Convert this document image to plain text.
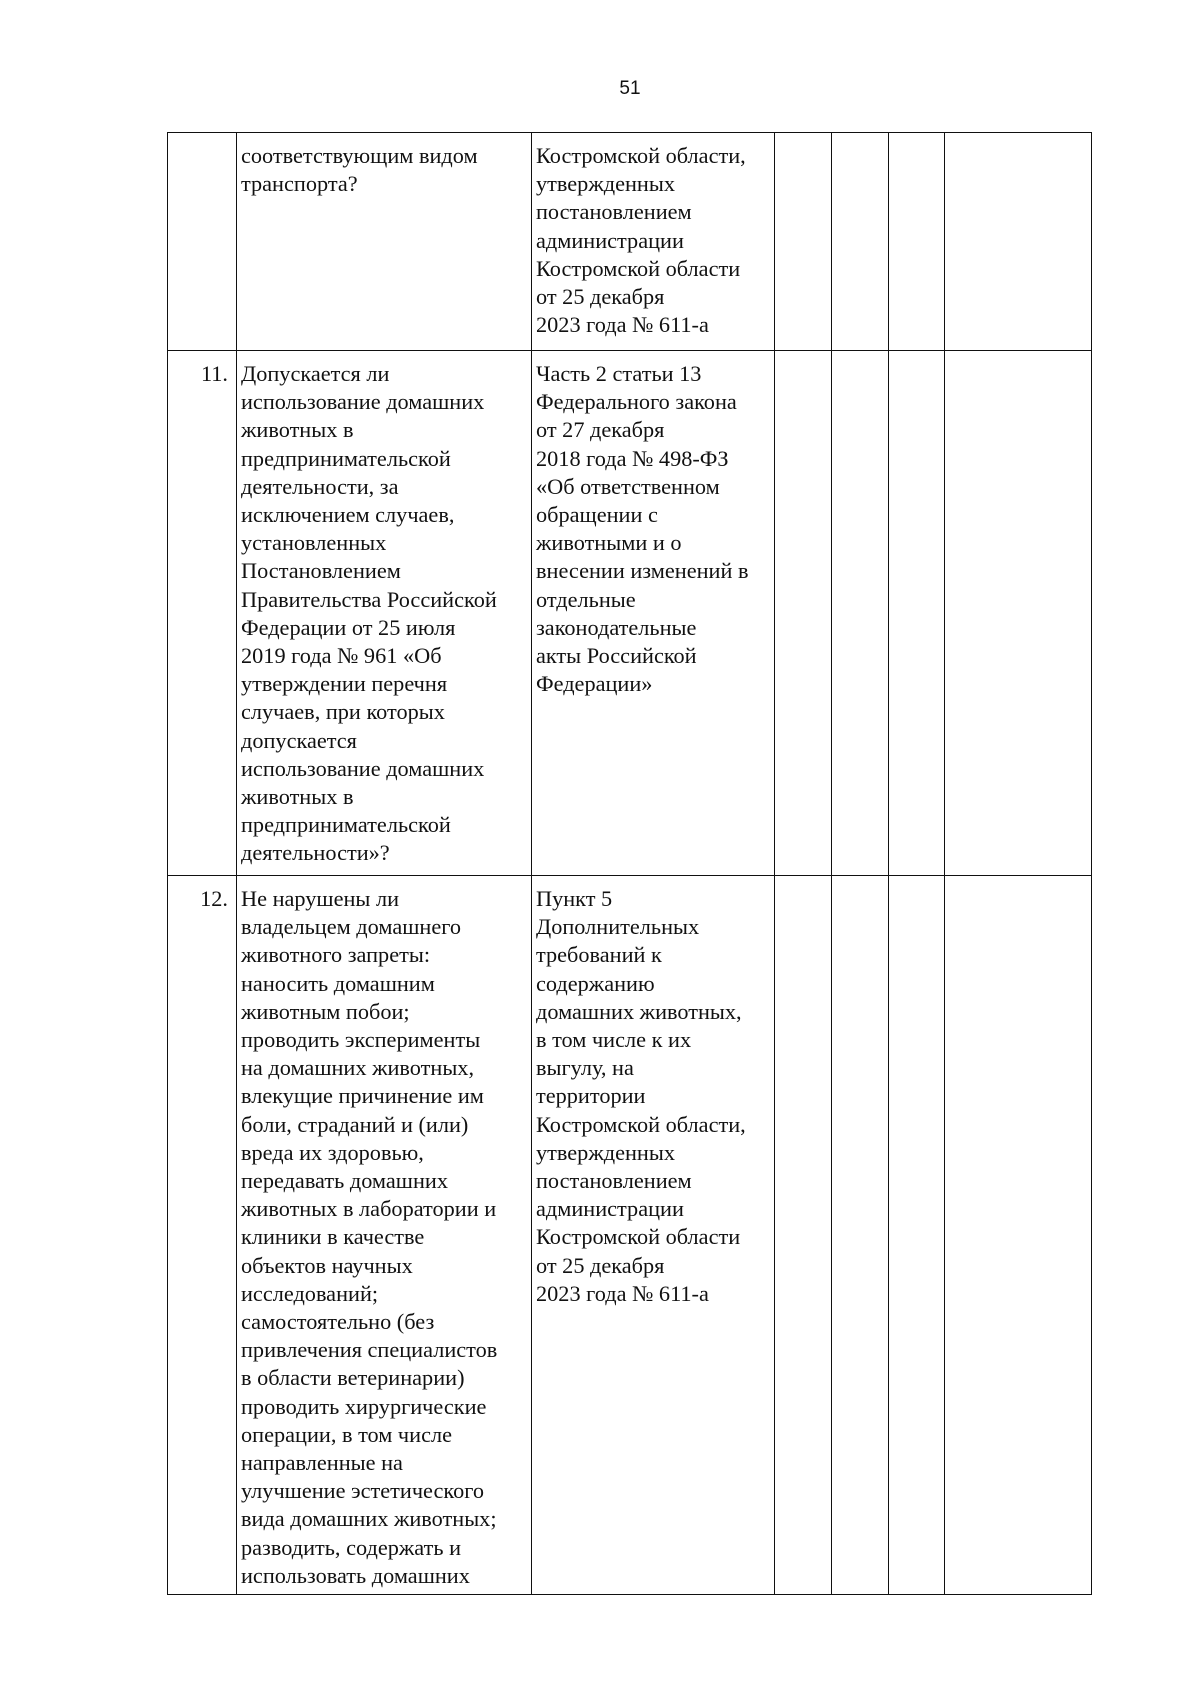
51
соответствующим видом
транспорта?
Костромской области,
утвержденных
постановлением
администрации
Костромской области
от 25 декабря
2023 года № 611-а
11. Допускается ли
использование домашних
животных в
предпринимательской
деятельности, за
исключением случаев,
установленных
Постановлением
Правительства Российской
Федерации от 25 июля
2019 года № 961 «Об
утверждении перечня
случаев, при которых
допускается
использование домашних
животных в
предпринимательской
деятельности»?
Часть 2 статьи 13
Федерального закона
от 27 декабря
2018 года № 498-ФЗ
«Об ответственном
обращении с
животными и о
внесении изменений в
отдельные
законодательные
акты Российской
Федерации»
12. Не нарушены ли
владельцем домашнего
животного запреты:
наносить домашним
животным побои;
проводить эксперименты
на домашних животных,
влекущие причинение им
боли, страданий и (или)
вреда их здоровью,
передавать домашних
животных в лаборатории и
клиники в качестве
объектов научных
исследований;
самостоятельно (без
привлечения специалистов
в области ветеринарии)
проводить хирургические
операции, в том числе
направленные на
улучшение эстетического
вида домашних животных;
разводить, содержать и
использовать домашних
Пункт 5
Дополнительных
требований к
содержанию
домашних животных,
в том числе к их
выгулу, на
территории
Костромской области,
утвержденных
постановлением
администрации
Костромской области
от 25 декабря
2023 года № 611-а
